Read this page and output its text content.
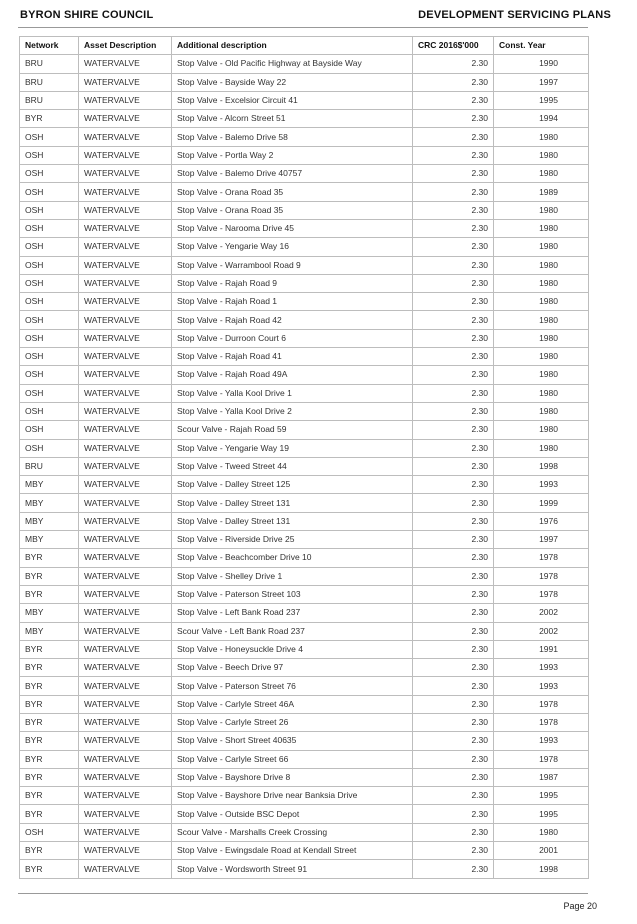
BYRON SHIRE COUNCIL	DEVELOPMENT SERVICING PLANS
Network	Asset Description	Additional description	CRC 2016$'000	Const. Year
BRU	WATERVALVE	Stop Valve - Old Pacific Highway at Bayside Way	2.30	1990
BRU	WATERVALVE	Stop Valve - Bayside Way 22	2.30	1997
BRU	WATERVALVE	Stop Valve - Excelsior Circuit 41	2.30	1995
BYR	WATERVALVE	Stop Valve - Alcorn Street 51	2.30	1994
OSH	WATERVALVE	Stop Valve - Balemo Drive 58	2.30	1980
OSH	WATERVALVE	Stop Valve - Portla Way 2	2.30	1980
OSH	WATERVALVE	Stop Valve - Balemo Drive 40757	2.30	1980
OSH	WATERVALVE	Stop Valve - Orana Road 35	2.30	1989
OSH	WATERVALVE	Stop Valve - Orana Road 35	2.30	1980
OSH	WATERVALVE	Stop Valve - Narooma Drive 45	2.30	1980
OSH	WATERVALVE	Stop Valve - Yengarie Way 16	2.30	1980
OSH	WATERVALVE	Stop Valve - Warrambool Road 9	2.30	1980
OSH	WATERVALVE	Stop Valve - Rajah Road 9	2.30	1980
OSH	WATERVALVE	Stop Valve - Rajah Road 1	2.30	1980
OSH	WATERVALVE	Stop Valve - Rajah Road 42	2.30	1980
OSH	WATERVALVE	Stop Valve - Durroon Court 6	2.30	1980
OSH	WATERVALVE	Stop Valve - Rajah Road 41	2.30	1980
OSH	WATERVALVE	Stop Valve - Rajah Road 49A	2.30	1980
OSH	WATERVALVE	Stop Valve - Yalla Kool Drive 1	2.30	1980
OSH	WATERVALVE	Stop Valve - Yalla Kool Drive 2	2.30	1980
OSH	WATERVALVE	Scour Valve - Rajah Road 59	2.30	1980
OSH	WATERVALVE	Stop Valve - Yengarie Way 19	2.30	1980
BRU	WATERVALVE	Stop Valve - Tweed Street 44	2.30	1998
MBY	WATERVALVE	Stop Valve - Dalley Street 125	2.30	1993
MBY	WATERVALVE	Stop Valve - Dalley Street 131	2.30	1999
MBY	WATERVALVE	Stop Valve - Dalley Street 131	2.30	1976
MBY	WATERVALVE	Stop Valve - Riverside Drive 25	2.30	1997
BYR	WATERVALVE	Stop Valve - Beachcomber Drive 10	2.30	1978
BYR	WATERVALVE	Stop Valve - Shelley Drive 1	2.30	1978
BYR	WATERVALVE	Stop Valve - Paterson Street 103	2.30	1978
MBY	WATERVALVE	Stop Valve - Left Bank Road 237	2.30	2002
MBY	WATERVALVE	Scour Valve - Left Bank Road 237	2.30	2002
BYR	WATERVALVE	Stop Valve - Honeysuckle Drive 4	2.30	1991
BYR	WATERVALVE	Stop Valve - Beech Drive 97	2.30	1993
BYR	WATERVALVE	Stop Valve - Paterson Street 76	2.30	1993
BYR	WATERVALVE	Stop Valve - Carlyle Street 46A	2.30	1978
BYR	WATERVALVE	Stop Valve - Carlyle Street 26	2.30	1978
BYR	WATERVALVE	Stop Valve - Short Street 40635	2.30	1993
BYR	WATERVALVE	Stop Valve - Carlyle Street 66	2.30	1978
BYR	WATERVALVE	Stop Valve - Bayshore Drive 8	2.30	1987
BYR	WATERVALVE	Stop Valve - Bayshore Drive near Banksia Drive	2.30	1995
BYR	WATERVALVE	Stop Valve - Outside BSC Depot	2.30	1995
OSH	WATERVALVE	Scour Valve - Marshalls Creek Crossing	2.30	1980
BYR	WATERVALVE	Stop Valve - Ewingsdale Road at Kendall Street	2.30	2001
BYR	WATERVALVE	Stop Valve - Wordsworth Street 91	2.30	1998
Page 20
